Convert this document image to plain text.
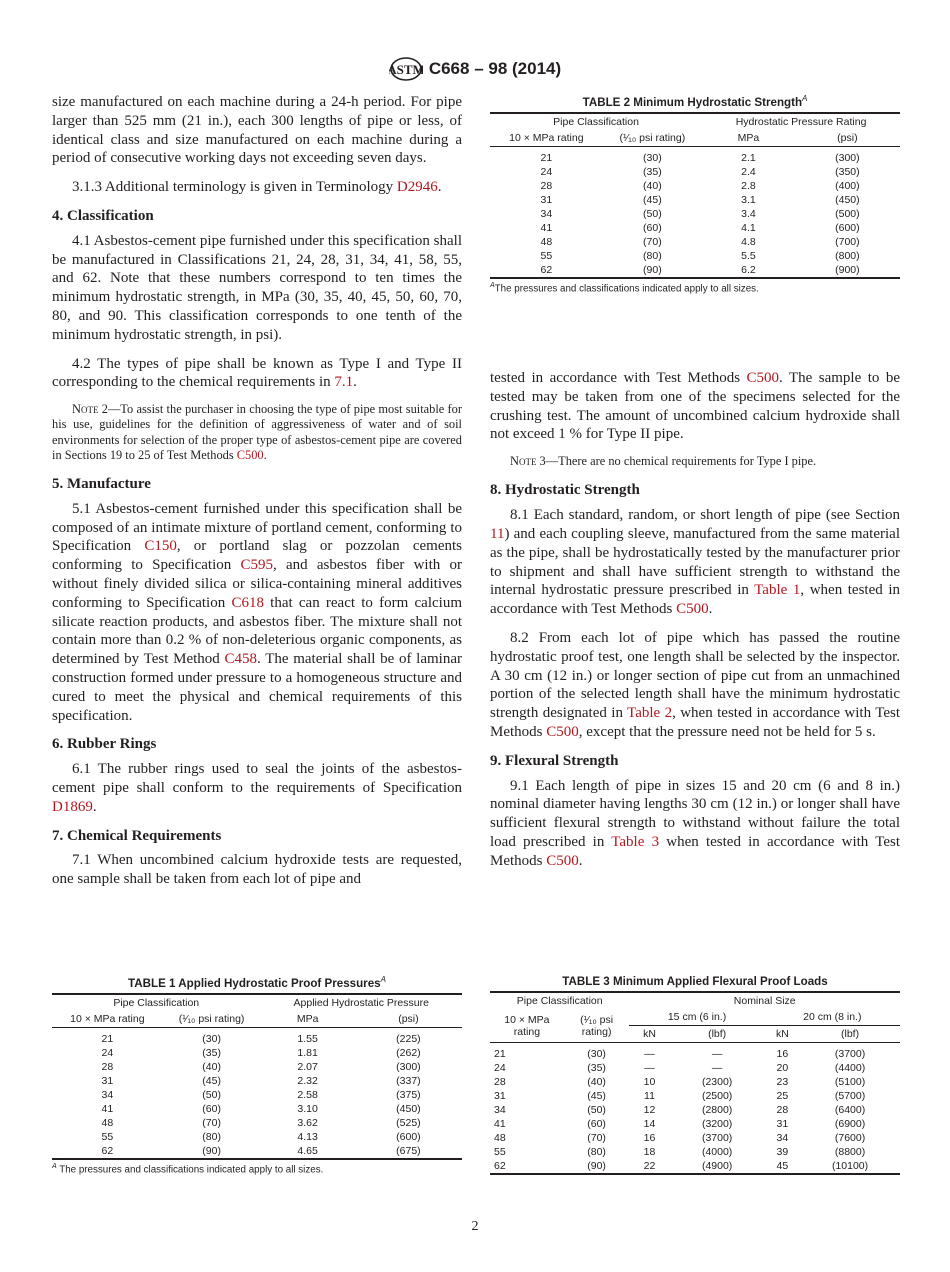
ASTM C668 – 98 (2014)

size manufactured on each machine during a 24-h period. For pipe larger than 525 mm (21 in.), each 300 lengths of pipe or less, of identical class and size manufactured on each machine during a period of consecutive working days not exceeding seven days.

3.1.3 Additional terminology is given in Terminology D2946.

4. Classification

4.1 Asbestos-cement pipe furnished under this specification shall be manufactured in Classifications 21, 24, 28, 31, 34, 41, 58, 55, and 62. Note that these numbers correspond to ten times the minimum hydrostatic strength, in MPa (30, 35, 40, 45, 50, 60, 70, 80, and 90. This classification corresponds to one tenth of the minimum hydrostatic strength, in psi).

4.2 The types of pipe shall be known as Type I and Type II corresponding to the chemical requirements in 7.1.

Note 2—To assist the purchaser in choosing the type of pipe most suitable for his use, guidelines for the definition of aggressiveness of water and of soil environments for selection of the proper type of asbestos-cement pipe are covered in Sections 19 to 25 of Test Methods C500.

5. Manufacture

5.1 Asbestos-cement furnished under this specification shall be composed of an intimate mixture of portland cement, conforming to Specification C150, or portland slag or pozzolan cements conforming to Specification C595, and asbestos fiber with or without finely divided silica or silica-containing mineral additives conforming to Specification C618 that can react to form calcium silicate reaction products, and asbestos fiber. The mixture shall not contain more than 0.2 % of non-deleterious organic components, as determined by Test Method C458. The material shall be of laminar construction formed under pressure to a homogeneous structure and cured to meet the physical and chemical requirements of this specification.

6. Rubber Rings

6.1 The rubber rings used to seal the joints of the asbestos-cement pipe shall conform to the requirements of Specification D1869.

7. Chemical Requirements

7.1 When uncombined calcium hydroxide tests are requested, one sample shall be taken from each lot of pipe and

tested in accordance with Test Methods C500. The sample to be tested may be taken from one of the specimens selected for the crushing test. The amount of uncombined calcium hydroxide shall not exceed 1 % for Type II pipe.

Note 3—There are no chemical requirements for Type I pipe.

8. Hydrostatic Strength

8.1 Each standard, random, or short length of pipe (see Section 11) and each coupling sleeve, manufactured from the same material as the pipe, shall be hydrostatically tested by the manufacturer prior to shipment and shall have sufficient strength to withstand the internal hydrostatic pressure prescribed in Table 1, when tested in accordance with Test Methods C500.

8.2 From each lot of pipe which has passed the routine hydrostatic proof test, one length shall be selected by the inspector. A 30 cm (12 in.) or longer section of pipe cut from an unmachined portion of the selected length shall have the minimum hydrostatic strength designated in Table 2, when tested in accordance with Test Methods C500, except that the pressure need not be held for 5 s.

9. Flexural Strength

9.1 Each length of pipe in sizes 15 and 20 cm (6 and 8 in.) nominal diameter having lengths 30 cm (12 in.) or longer shall have sufficient flexural strength to withstand without failure the total load prescribed in Table 3 when tested in accordance with Test Methods C500.

TABLE 2 Minimum Hydrostatic Strength$^A$
Pipe Classification		Hydrostatic Pressure Rating	
10 × MPa rating	(¹⁄₁₀ psi rating)	MPa	(psi)
21	(30)	2.1	(300)
24	(35)	2.4	(350)
28	(40)	2.8	(400)
31	(45)	3.1	(450)
34	(50)	3.4	(500)
41	(60)	4.1	(600)
48	(70)	4.8	(700)
55	(80)	5.5	(800)
62	(90)	6.2	(900)
$^A$The pressures and classifications indicated apply to all sizes.
TABLE 1 Applied Hydrostatic Proof Pressures$^A$
Pipe Classification		Applied Hydrostatic Pressure	
10 × MPa rating	(¹⁄₁₀ psi rating)	MPa	(psi)
21	(30)	1.55	(225)
24	(35)	1.81	(262)
28	(40)	2.07	(300)
31	(45)	2.32	(337)
34	(50)	2.58	(375)
41	(60)	3.10	(450)
48	(70)	3.62	(525)
55	(80)	4.13	(600)
62	(90)	4.65	(675)
$^A$ The pressures and classifications indicated apply to all sizes.
TABLE 3 Minimum Applied Flexural Proof Loads
Pipe Classification		Nominal Size			
10 × MPa rating	(¹⁄₁₀ psi rating)	15 cm (6 in.)		20 cm (8 in.)	
		kN	(lbf)	kN	(lbf)
21	(30)	—	—	16	(3700)
24	(35)	—	—	20	(4400)
28	(40)	10	(2300)	23	(5100)
31	(45)	11	(2500)	25	(5700)
34	(50)	12	(2800)	28	(6400)
41	(60)	14	(3200)	31	(6900)
48	(70)	16	(3700)	34	(7600)
55	(80)	18	(4000)	39	(8800)
62	(90)	22	(4900)	45	(10100)
2
